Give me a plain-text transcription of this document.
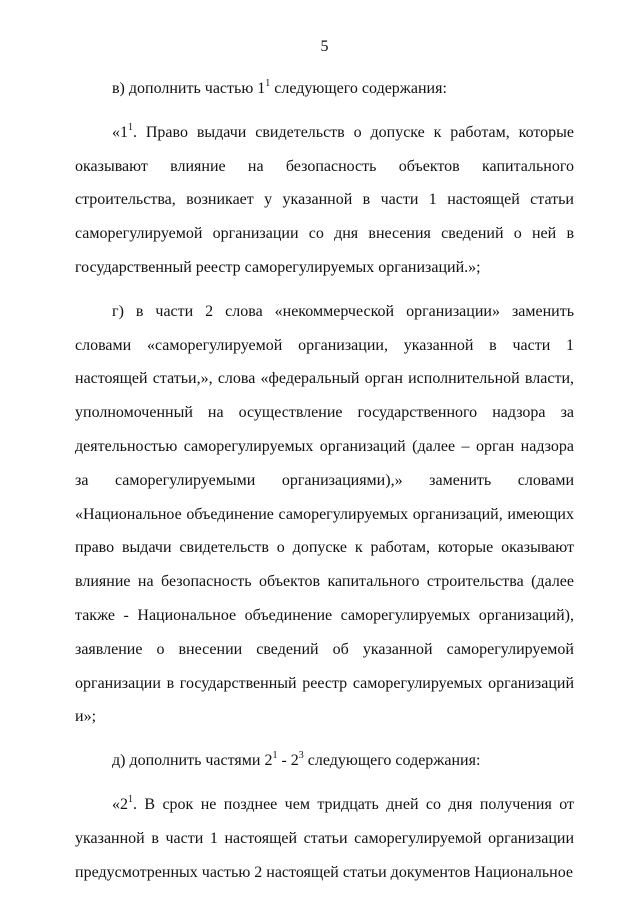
5

в) дополнить частью $1^1$ следующего содержания:

«$1^1$. Право выдачи свидетельств о допуске к работам, которые оказывают влияние на безопасность объектов капитального строительства, возникает у указанной в части 1 настоящей статьи саморегулируемой организации со дня внесения сведений о ней в государственный реестр саморегулируемых организаций.»;

г) в части 2 слова «некоммерческой организации» заменить словами «саморегулируемой организации, указанной в части 1 настоящей статьи,», слова «федеральный орган исполнительной власти, уполномоченный на осуществление государственного надзора за деятельностью саморегулируемых организаций (далее – орган надзора за саморегулируемыми организациями),» заменить словами «Национальное объединение саморегулируемых организаций, имеющих право выдачи свидетельств о допуске к работам, которые оказывают влияние на безопасность объектов капитального строительства (далее также - Национальное объединение саморегулируемых организаций), заявление о внесении сведений об указанной саморегулируемой организации в государственный реестр саморегулируемых организаций и»;

д) дополнить частями $2^1 - 2^3$ следующего содержания:

«$2^1$. В срок не позднее чем тридцать дней со дня получения от указанной в части 1 настоящей статьи саморегулируемой организации предусмотренных частью 2 настоящей статьи документов Национальное
